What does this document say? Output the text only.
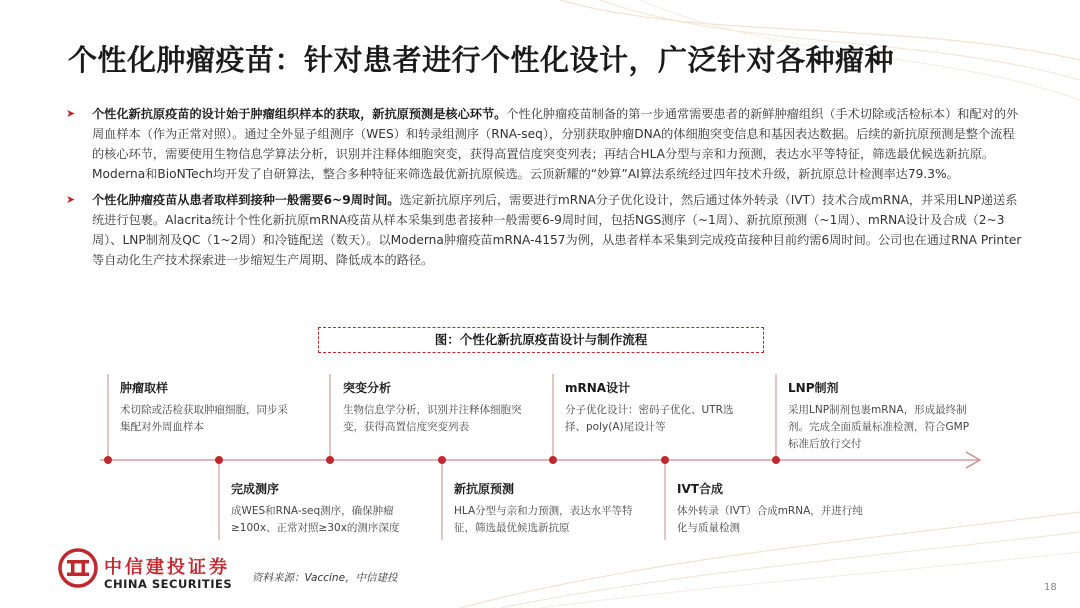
个性化肿瘤疫苗：针对患者进行个性化设计，广泛针对各种瘤种
➤ 个性化新抗原疫苗的设计始于肿瘤组织样本的获取，新抗原预测是核心环节。个性化肿瘤疫苗制备的第一步通常需要患者的新鲜肿瘤组织（手术切除或活检标本）和配对的外周血样本（作为正常对照）。通过全外显子组测序（WES）和转录组测序（RNA-seq），分别获取肿瘤DNA的体细胞突变信息和基因表达数据。后续的新抗原预测是整个流程的核心环节，需要使用生物信息学算法分析，识别并注释体细胞突变，获得高置信度突变列表；再结合HLA分型与亲和力预测，表达水平等特征，筛选最优候选新抗原。Moderna和BioNTech均开发了自研算法，整合多种特征来筛选最优新抗原候选。云顶新耀的“妙算”AI算法系统经过四年技术升级，新抗原总计检测率达79.3%。
➤ 个性化肿瘤疫苗从患者取样到接种一般需要6~9周时间。选定新抗原序列后，需要进行mRNA分子优化设计，然后通过体外转录（IVT）技术合成mRNA，并采用LNP递送系统进行包裹。Alacrita统计个性化新抗原mRNA疫苗从样本采集到患者接种一般需要6-9周时间，包括NGS测序（~1周）、新抗原预测（~1周）、mRNA设计及合成（2~3周）、LNP制剂及QC（1~2周）和冷链配送（数天）。以Moderna肿瘤疫苗mRNA-4157为例，从患者样本采集到完成疫苗接种目前约需6周时间。公司也在通过RNA Printer等自动化生产技术探索进一步缩短生产周期、降低成本的路径。
图：个性化新抗原疫苗设计与制作流程
肿瘤取样
术切除或活检获取肿瘤细胞，同步采集配对外周血样本
完成测序
成WES和RNA-seq测序，确保肿瘤≥100x、正常对照≥30x的测序深度
突变分析
生物信息学分析，识别并注释体细胞突变，获得高置信度突变列表
新抗原预测
HLA分型与亲和力预测，表达水平等特征，筛选最优候选新抗原
mRNA设计
分子优化设计：密码子优化、UTR选择、poly(A)尾设计等
IVT合成
体外转录（IVT）合成mRNA，并进行纯化与质量检测
LNP制剂
采用LNP制剂包裹mRNA，形成最终制剂。完成全面质量标准检测，符合GMP标准后放行交付
中信建投证券
CHINA SECURITIES 资料来源：Vaccine，中信建投
18
